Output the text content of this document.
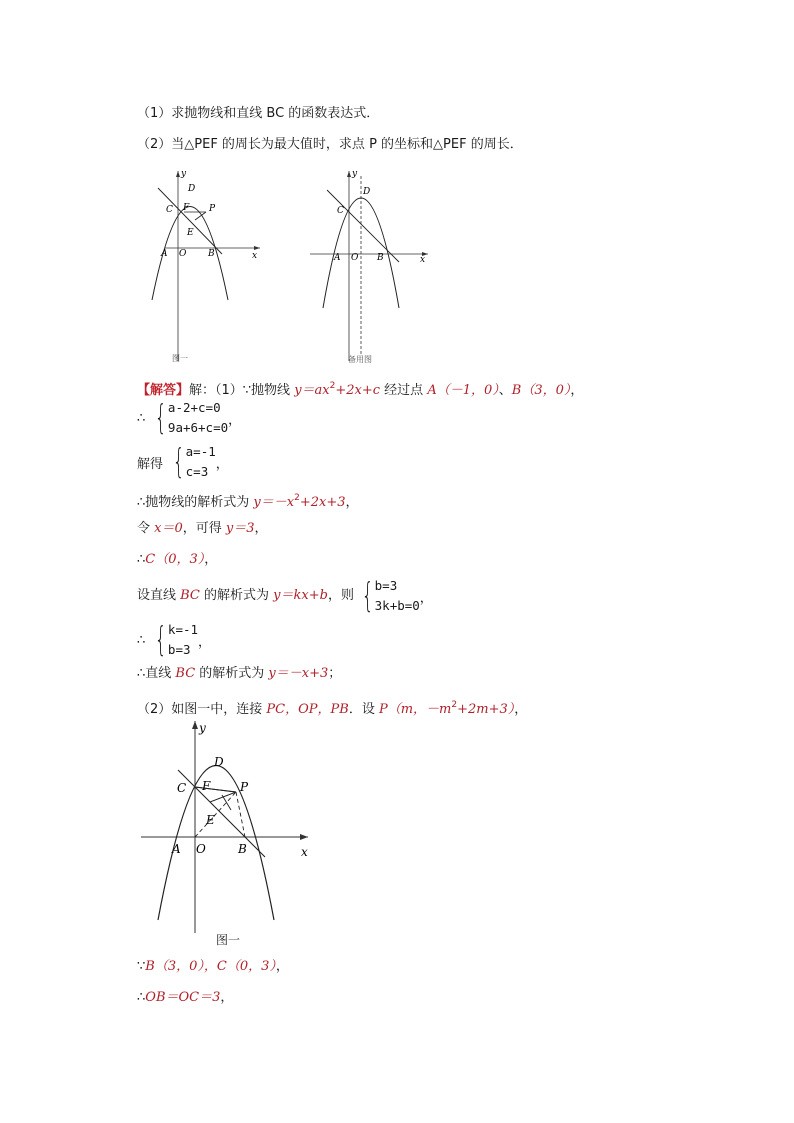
（1）求抛物线和直线 BC 的函数表达式．
（2）当△PEF 的周长为最大值时，求点 P 的坐标和△PEF 的周长．
D
C F P
E
A O B	x
y
图一
D
C
A O B	x
y
备用图
【解答】解：（1）∵抛物线 $y=ax^2+2x+c$ 经过点 A（－1，0）、B（3，0），
∴ { a-2+c=0
9a+6+c=0 ，
解得 { a=-1
c=3 ，
∴抛物线的解析式为 $y=-x^2+2x+3$，
令 x＝0，可得 y＝3，
∴C（0，3），
设直线 BC 的解析式为 y＝kx+b，则 { b=3
3k+b=0 ，
∴ { k=-1
b=3 ，
∴直线 BC 的解析式为 y＝－x+3；
（2）如图一中，连接 PC，OP，PB．设 P（m，$-m^2+2m+3$），
y
D
C F P
E
A O	B	x
图一
∵B（3，0），C（0，3），
∴OB＝OC＝3，
